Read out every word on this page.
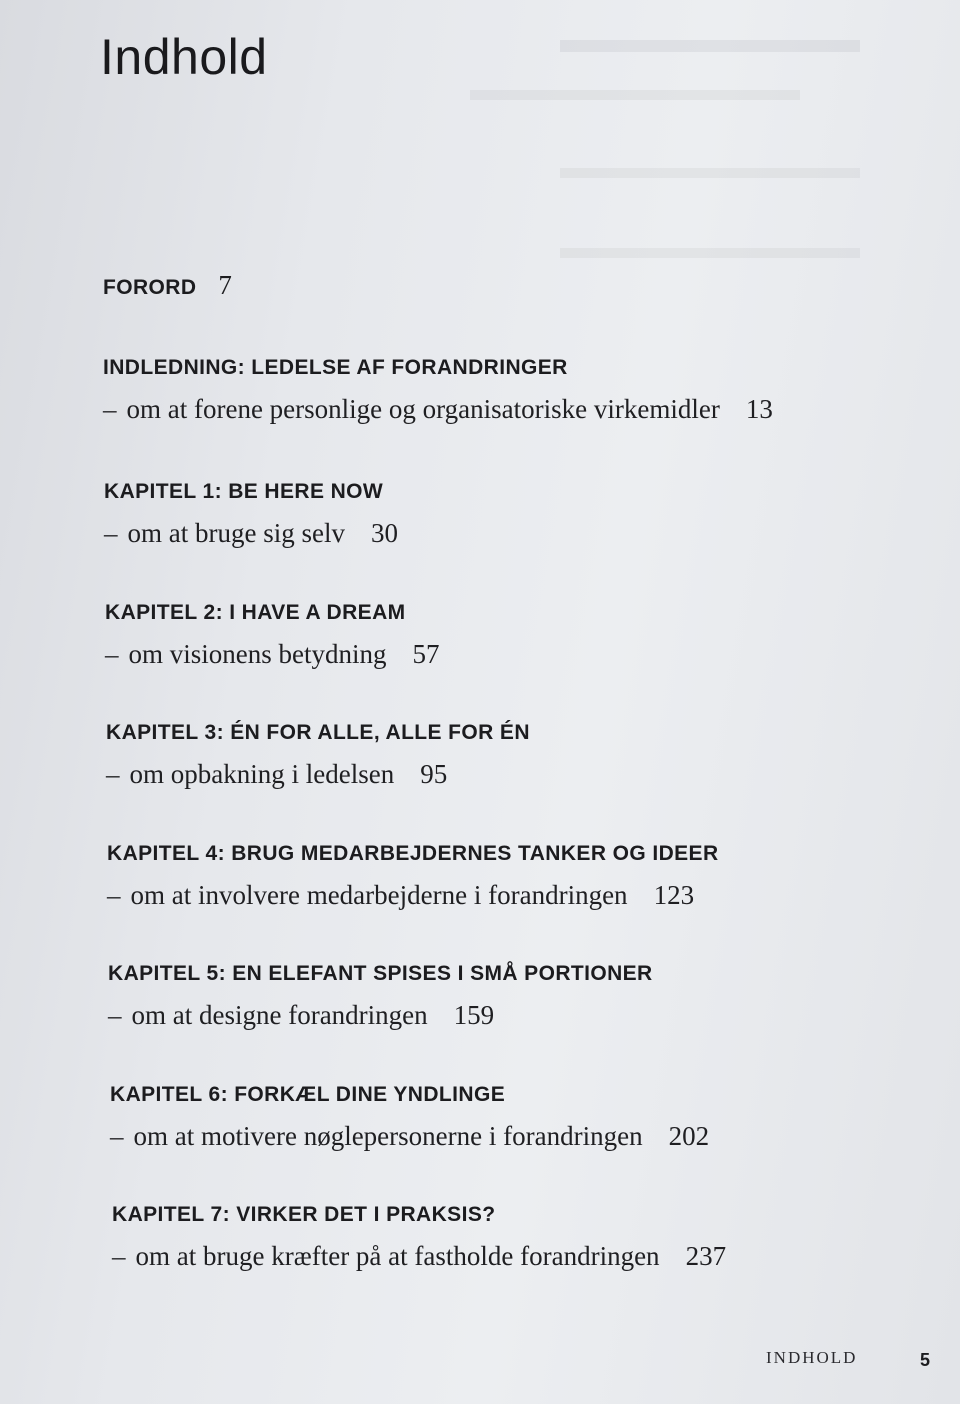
Indhold
FORORD 7
INDLEDNING: LEDELSE AF FORANDRINGER
– om at forene personlige og organisatoriske virkemidler 13
KAPITEL 1: BE HERE NOW
– om at bruge sig selv 30
KAPITEL 2: I HAVE A DREAM
– om visionens betydning 57
KAPITEL 3: ÉN FOR ALLE, ALLE FOR ÉN
– om opbakning i ledelsen 95
KAPITEL 4: BRUG MEDARBEJDERNES TANKER OG IDEER
– om at involvere medarbejderne i forandringen 123
KAPITEL 5: EN ELEFANT SPISES I SMÅ PORTIONER
– om at designe forandringen 159
KAPITEL 6: FORKÆL DINE YNDLINGE
– om at motivere nøglepersonerne i forandringen 202
KAPITEL 7: VIRKER DET I PRAKSIS?
– om at bruge kræfter på at fastholde forandringen 237
INDHOLD	5
